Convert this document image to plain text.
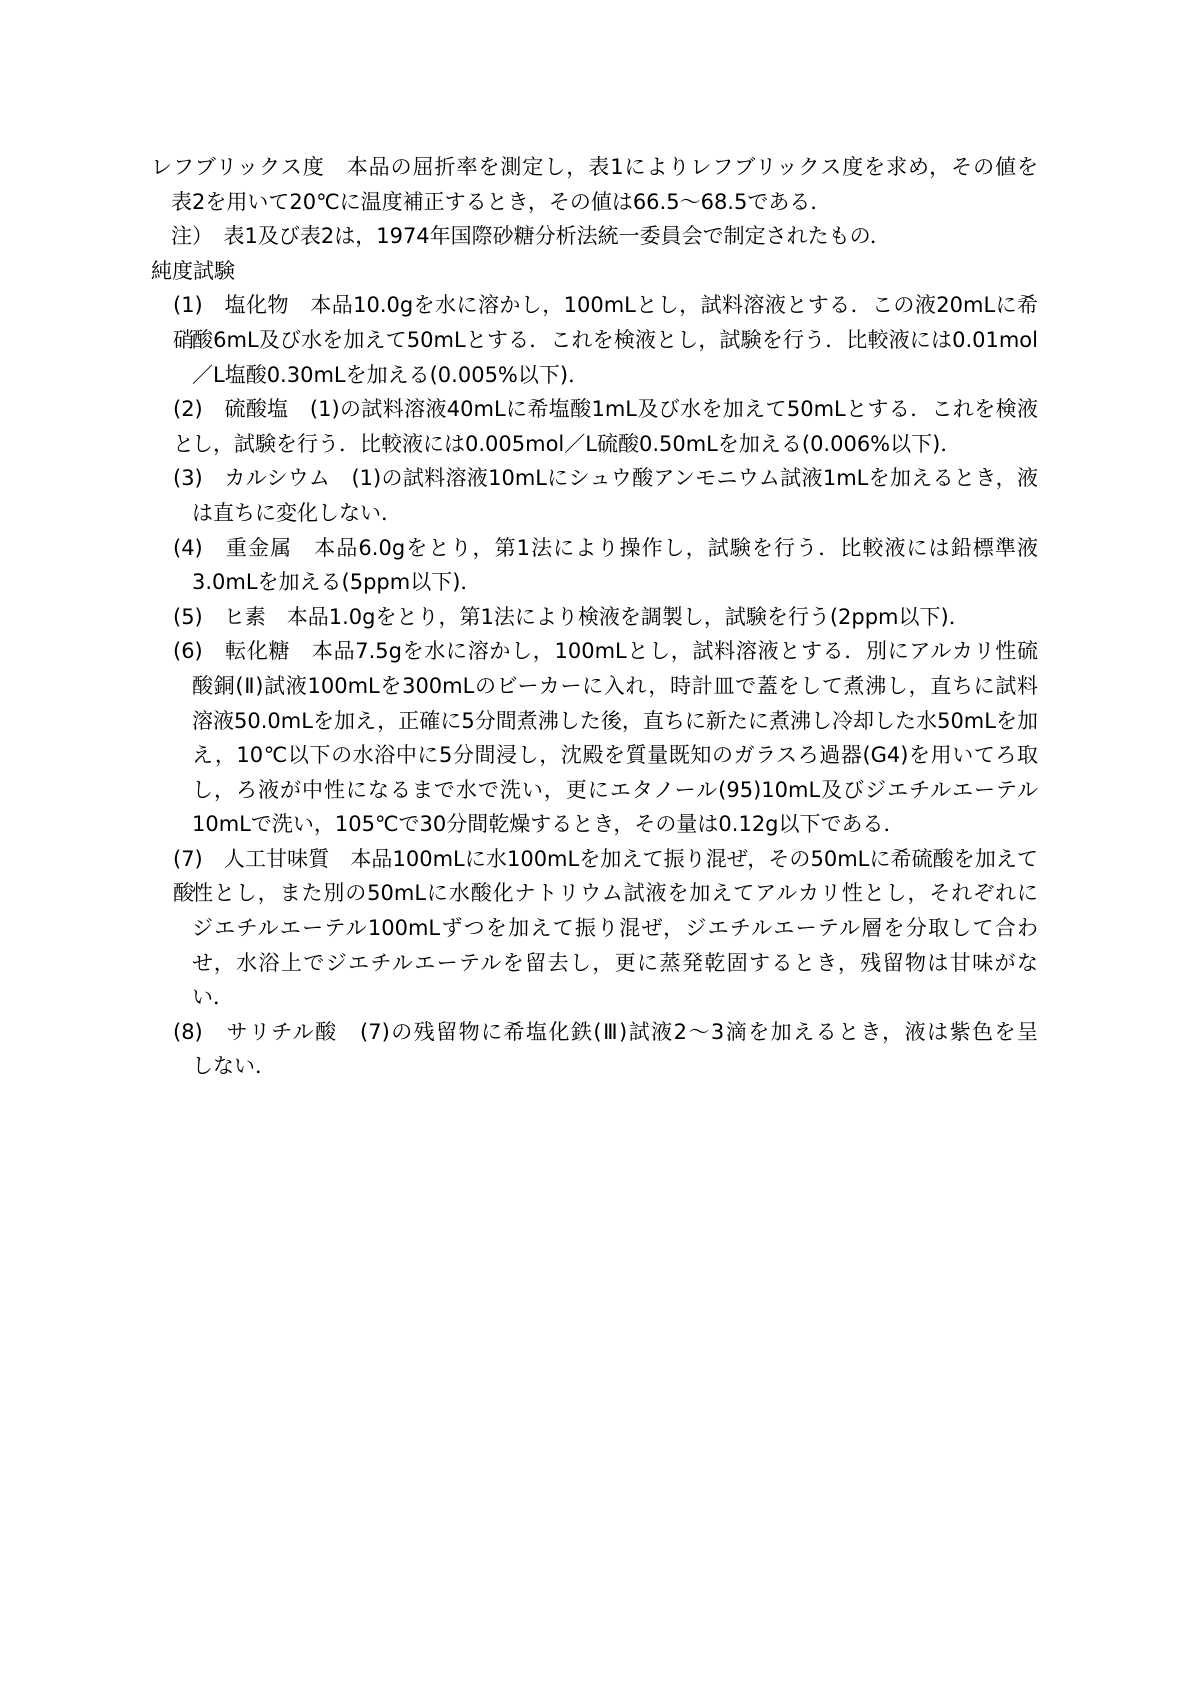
レフブリックス度　本品の屈折率を測定し，表1によりレフブリックス度を求め，その値を
表2を用いて20℃に温度補正するとき，その値は66.5～68.5である．
注）　表1及び表2は，1974年国際砂糖分析法統一委員会で制定されたもの．
純度試験
(1)　塩化物　本品10.0gを水に溶かし，100mLとし，試料溶液とする．この液20mLに希硝
酸6mL及び水を加えて50mLとする．これを検液とし，試験を行う．比較液には0.01mol
／L塩酸0.30mLを加える(0.005%以下)．
(2)　硫酸塩　(1)の試料溶液40mLに希塩酸1mL及び水を加えて50mLとする．これを検液と
し，試験を行う．比較液には0.005mol／L硫酸0.50mLを加える(0.006%以下)．
(3)　カルシウム　(1)の試料溶液10mLにシュウ酸アンモニウム試液1mLを加えるとき，液
は直ちに変化しない．
(4)　重金属　本品6.0gをとり，第1法により操作し，試験を行う．比較液には鉛標準液
3.0mLを加える(5ppm以下)．
(5)　ヒ素　本品1.0gをとり，第1法により検液を調製し，試験を行う(2ppm以下)．
(6)　転化糖　本品7.5gを水に溶かし，100mLとし，試料溶液とする．別にアルカリ性硫
酸銅(Ⅱ)試液100mLを300mLのビーカーに入れ，時計皿で蓋をして煮沸し，直ちに試料
溶液50.0mLを加え，正確に5分間煮沸した後，直ちに新たに煮沸し冷却した水50mLを加
え，10℃以下の水浴中に5分間浸し，沈殿を質量既知のガラスろ過器(G4)を用いてろ取
し，ろ液が中性になるまで水で洗い，更にエタノール(95)10mL及びジエチルエーテル
10mLで洗い，105℃で30分間乾燥するとき，その量は0.12g以下である．
(7)　人工甘味質　本品100mLに水100mLを加えて振り混ぜ，その50mLに希硫酸を加えて酸
性とし，また別の50mLに水酸化ナトリウム試液を加えてアルカリ性とし，それぞれに
ジエチルエーテル100mLずつを加えて振り混ぜ，ジエチルエーテル層を分取して合わ
せ，水浴上でジエチルエーテルを留去し，更に蒸発乾固するとき，残留物は甘味がな
い．
(8)　サリチル酸　(7)の残留物に希塩化鉄(Ⅲ)試液2～3滴を加えるとき，液は紫色を呈
しない．
